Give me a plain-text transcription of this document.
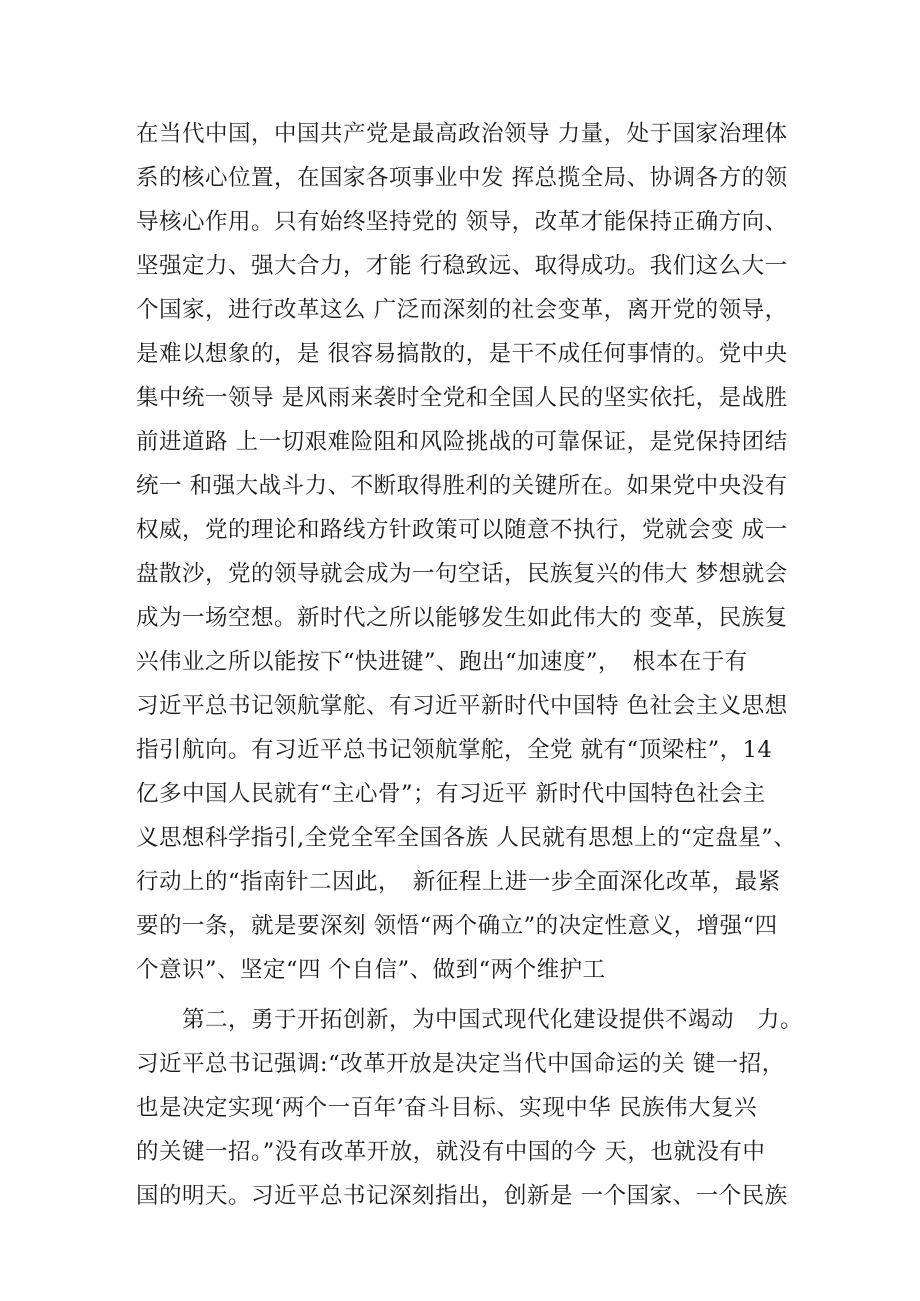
在当代中国，中国共产党是最高政治领导 力量，处于国家治理体
系的核心位置，在国家各项事业中发 挥总揽全局、协调各方的领
导核心作用。只有始终坚持党的 领导，改革才能保持正确方向、
坚强定力、强大合力，才能 行稳致远、取得成功。我们这么大一
个国家，进行改革这么 广泛而深刻的社会变革，离开党的领导，
是难以想象的，是 很容易搞散的，是干不成任何事情的。党中央
集中统一领导 是风雨来袭时全党和全国人民的坚实依托，是战胜
前进道路 上一切艰难险阻和风险挑战的可靠保证，是党保持团结
统一 和强大战斗力、不断取得胜利的关键所在。如果党中央没有
权威，党的理论和路线方针政策可以随意不执行，党就会变 成一
盘散沙，党的领导就会成为一句空话，民族复兴的伟大 梦想就会
成为一场空想。新时代之所以能够发生如此伟大的 变革，民族复
兴伟业之所以能按下“快进键”、跑出“加速度”，　根本在于有
习近平总书记领航掌舵、有习近平新时代中国特 色社会主义思想
指引航向。有习近平总书记领航掌舵，全党 就有“顶梁柱”，14
亿多中国人民就有“主心骨”；有习近平 新时代中国特色社会主
义思想科学指引,全党全军全国各族 人民就有思想上的“定盘星”、
行动上的“指南针二因此，　新征程上进一步全面深化改革，最紧
要的一条，就是要深刻 领悟“两个确立”的决定性意义，增强“四
个意识”、坚定“四 个自信”、做到“两个维护工
　　第二，勇于开拓创新，为中国式现代化建设提供不竭动　力。
习近平总书记强调:“改革开放是决定当代中国命运的关 键一招，
也是决定实现‘两个一百年’奋斗目标、实现中华 民族伟大复兴
的关键一招。”没有改革开放，就没有中国的今 天，也就没有中
国的明天。习近平总书记深刻指出，创新是 一个国家、一个民族
